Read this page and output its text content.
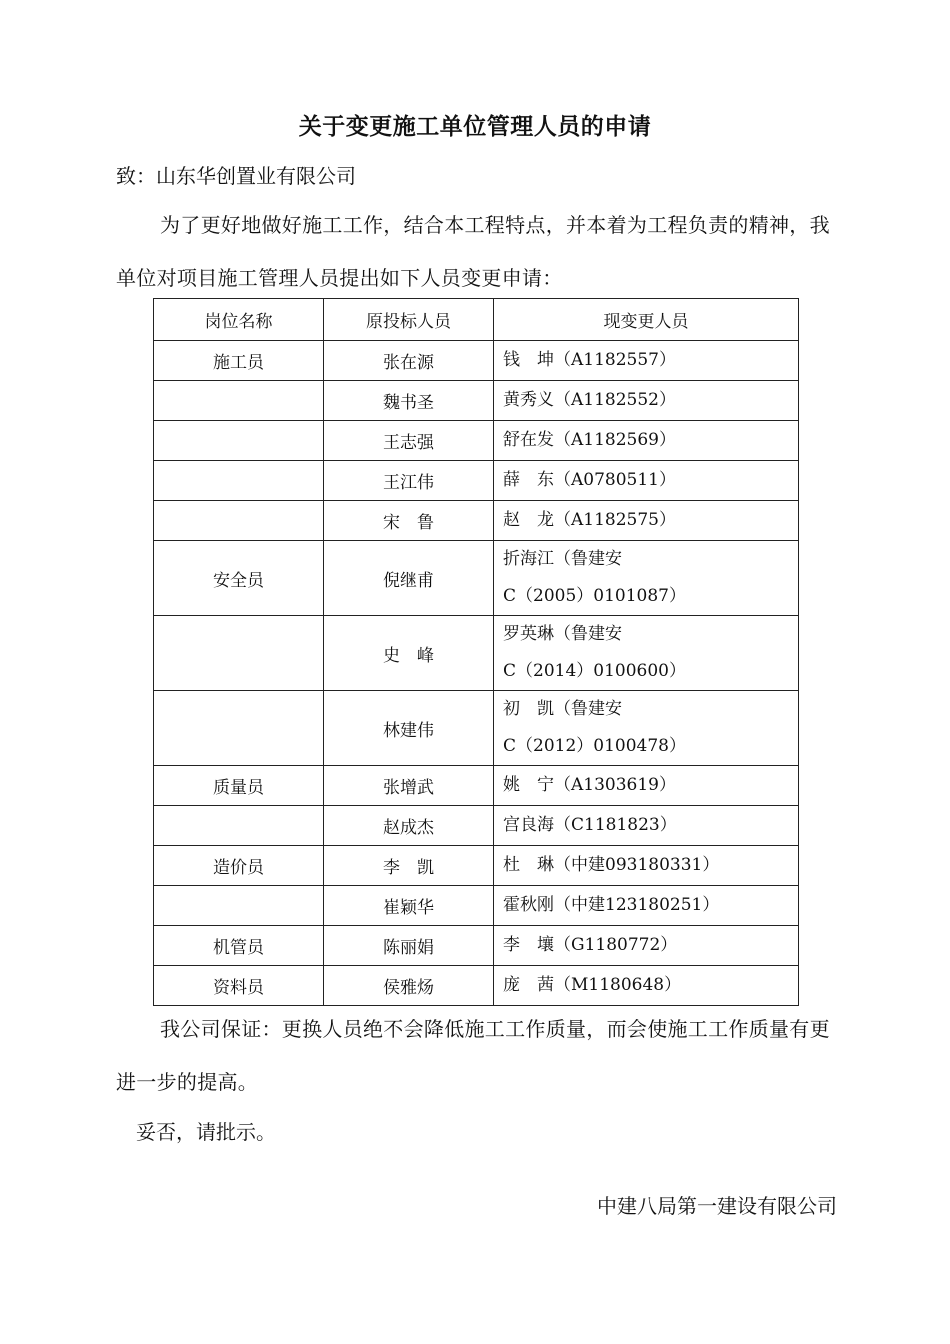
关于变更施工单位管理人员的申请
致：山东华创置业有限公司
为了更好地做好施工工作，结合本工程特点，并本着为工程负责的精神，我单位对项目施工管理人员提出如下人员变更申请：
岗位名称	原投标人员	现变更人员
施工员	张在源	钱　坤（A1182557）
	魏书圣	黄秀义（A1182552）
	王志强	舒在发（A1182569）
	王江伟	薛　东（A0780511）
	宋　鲁	赵　龙（A1182575）
安全员	倪继甫	折海江（鲁建安
C（2005）0101087）
	史　峰	罗英琳（鲁建安
C（2014）0100600）
	林建伟	初　凯（鲁建安
C（2012）0100478）
质量员	张增武	姚　宁（A1303619）
	赵成杰	宫良海（C1181823）
造价员	李　凯	杜　琳（中建093180331）
	崔颖华	霍秋刚（中建123180251）
机管员	陈丽娟	李　壤（G1180772）
资料员	侯雅炀	庞　茜（M1180648）
我公司保证：更换人员绝不会降低施工工作质量，而会使施工工作质量有更进一步的提高。
妥否，请批示。
中建八局第一建设有限公司
